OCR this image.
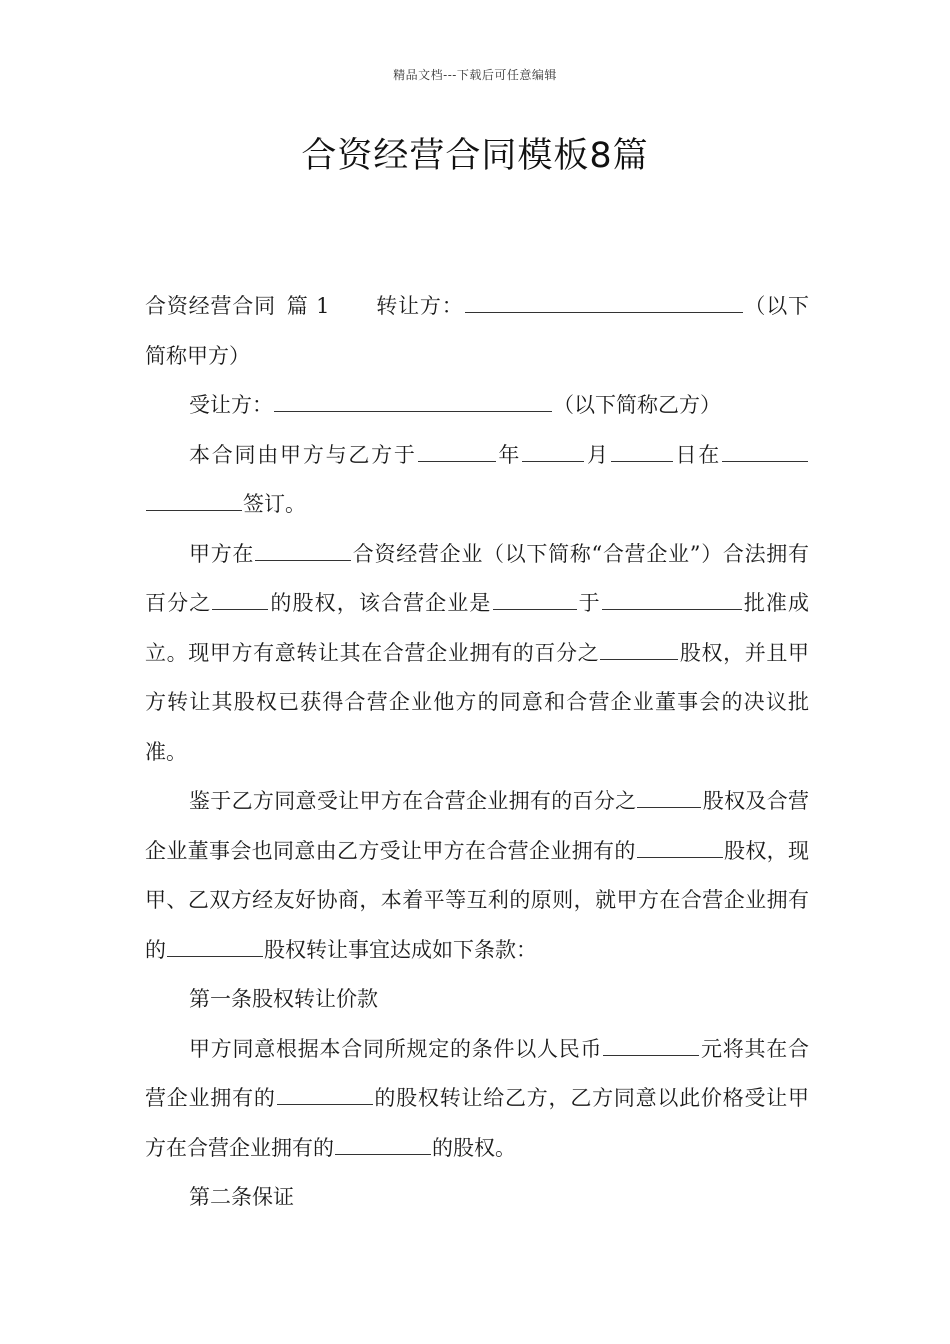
精品文档---下载后可任意编辑
合资经营合同模板8篇

合资经营合同 篇 1 转让方：	（以下简称甲方）

受让方：	（以下简称乙方）

本合同由甲方与乙方于	年	月	日在签订。

甲方在	合资经营企业（以下简称“合营企业”）合法拥有百分之	的股权，该合营企业是	于	批准成立。现甲方有意转让其在合营企业拥有的百分之	股权，并且甲方转让其股权已获得合营企业他方的同意和合营企业董事会的决议批准。

鉴于乙方同意受让甲方在合营企业拥有的百分之	股权及合营企业董事会也同意由乙方受让甲方在合营企业拥有的	股权，现甲、乙双方经友好协商，本着平等互利的原则，就甲方在合营企业拥有的	股权转让事宜达成如下条款：

第一条股权转让价款

甲方同意根据本合同所规定的条件以人民币	元将其在合营企业拥有的	的股权转让给乙方，乙方同意以此价格受让甲方在合营企业拥有的	的股权。

第二条保证
